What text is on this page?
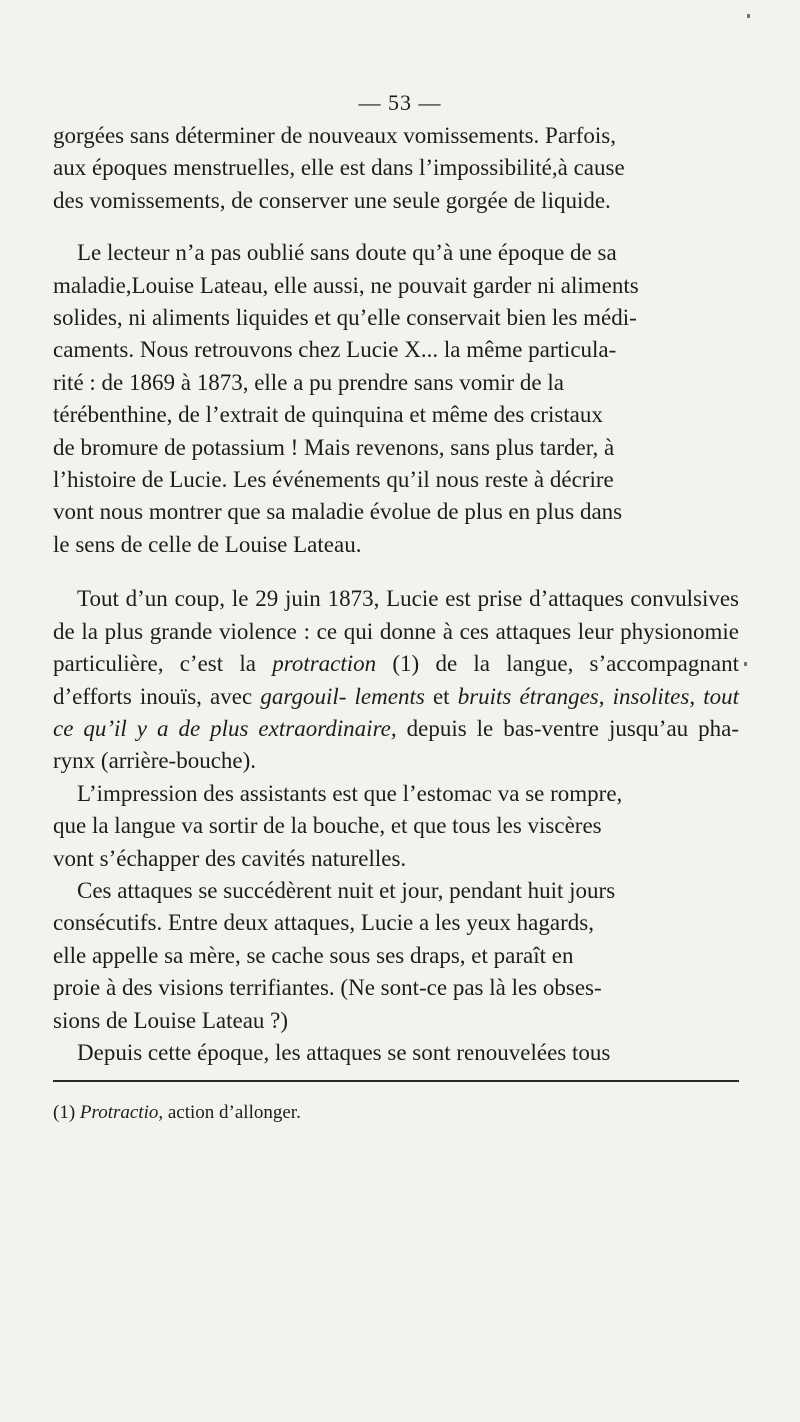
— 53 —

gorgées sans déterminer de nouveaux vomissements. Parfois,
aux époques menstruelles, elle est dans l’impossibilité,à cause
des vomissements, de conserver une seule gorgée de liquide.

Le lecteur n’a pas oublié sans doute qu’à une époque de sa
maladie,Louise Lateau, elle aussi, ne pouvait garder ni aliments
solides, ni aliments liquides et qu’elle conservait bien les médi-
caments. Nous retrouvons chez Lucie X... la même particula-
rité : de 1869 à 1873, elle a pu prendre sans vomir de la
térébenthine, de l’extrait de quinquina et même des cristaux
de bromure de potassium ! Mais revenons, sans plus tarder, à
l’histoire de Lucie. Les événements qu’il nous reste à décrire
vont nous montrer que sa maladie évolue de plus en plus dans
le sens de celle de Louise Lateau.

Tout d’un coup, le 29 juin 1873, Lucie est prise d’attaques convulsives de la plus grande violence : ce qui donne à ces attaques leur physionomie particulière, c’est la protraction (1) de la langue, s’accompagnant d’efforts inouïs, avec gargouil- lements et bruits étranges, insolites, tout ce qu’il y a de plus extraordinaire, depuis le bas-ventre jusqu’au pha- rynx (arrière-bouche).

L’impression des assistants est que l’estomac va se rompre,
que la langue va sortir de la bouche, et que tous les viscères
vont s’échapper des cavités naturelles.

Ces attaques se succédèrent nuit et jour, pendant huit jours
consécutifs. Entre deux attaques, Lucie a les yeux hagards,
elle appelle sa mère, se cache sous ses draps, et paraît en
proie à des visions terrifiantes. (Ne sont-ce pas là les obses-
sions de Louise Lateau ?)

Depuis cette époque, les attaques se sont renouvelées tous

(1) Protractio, action d’allonger.
